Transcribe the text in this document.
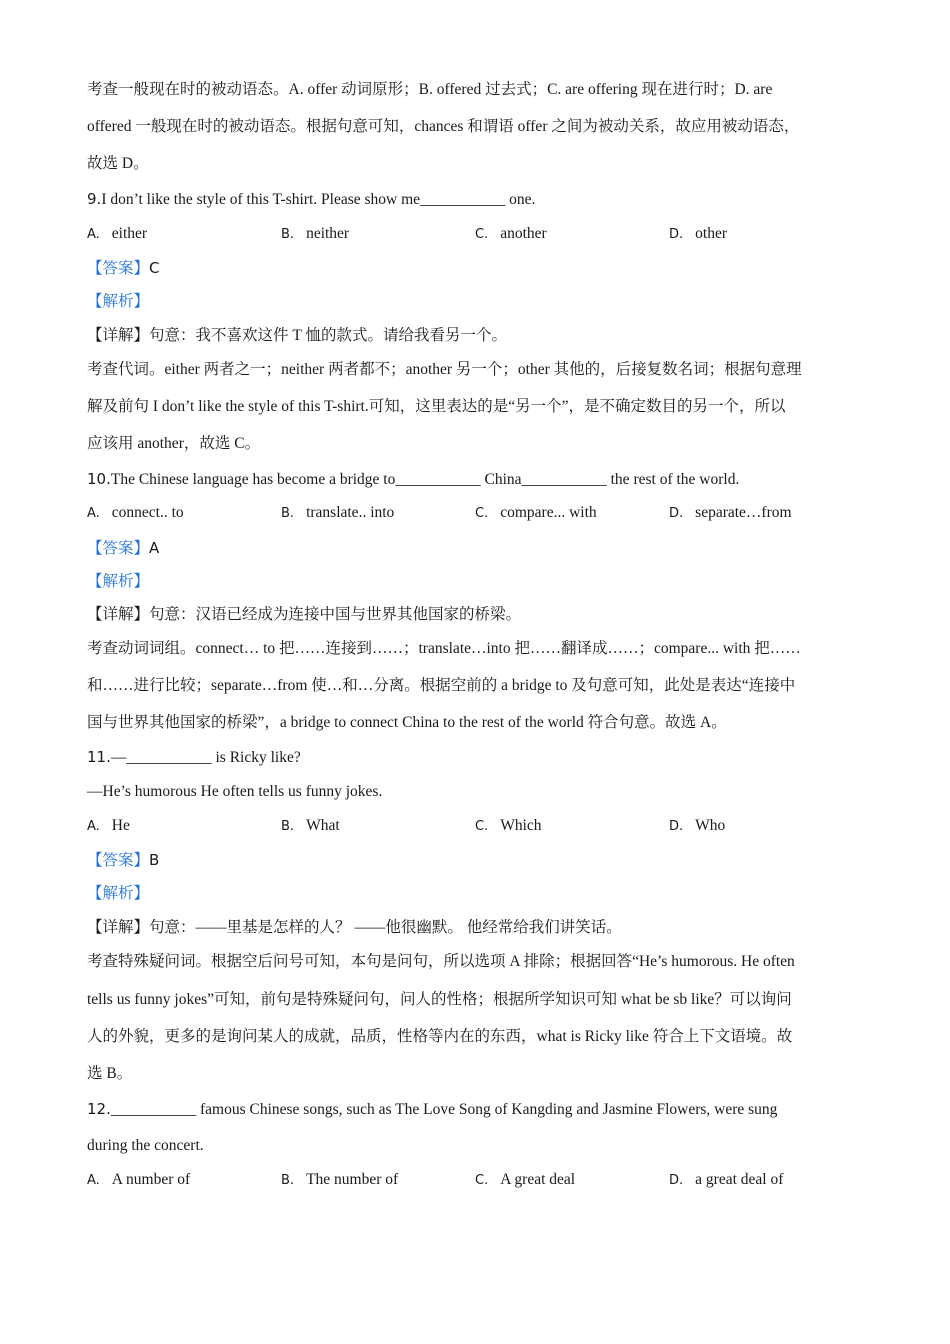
考查一般现在时的被动语态。A. offer 动词原形；B. offered 过去式；C. are offering 现在进行时；D. are
offered 一般现在时的被动语态。根据句意可知，chances 和谓语 offer 之间为被动关系，故应用被动语态，
故选 D。
9.I don’t like the style of this T-shirt. Please show me___________ one.
A. either	B. neither	C. another	D. other
【答案】C
【解析】
【详解】句意：我不喜欢这件 T 恤的款式。请给我看另一个。
考查代词。either 两者之一；neither 两者都不；another 另一个；other 其他的，后接复数名词；根据句意理
解及前句 I don’t like the style of this T-shirt.可知，这里表达的是“另一个”，是不确定数目的另一个，所以
应该用 another，故选 C。
10.The Chinese language has become a bridge to___________ China___________ the rest of the world.
A. connect.. to	B. translate.. into	C. compare... with	D. separate…from
【答案】A
【解析】
【详解】句意：汉语已经成为连接中国与世界其他国家的桥梁。
考查动词词组。connect… to 把……连接到……；translate…into 把……翻译成……；compare... with 把……
和……进行比较；separate…from 使…和…分离。根据空前的 a bridge to 及句意可知，此处是表达“连接中
国与世界其他国家的桥梁”，a bridge to connect China to the rest of the world 符合句意。故选 A。
11.—___________ is Ricky like?
—He’s humorous He often tells us funny jokes.
A. He	B. What	C. Which	D. Who
【答案】B
【解析】
【详解】句意：——里基是怎样的人？ ——他很幽默。 他经常给我们讲笑话。
考查特殊疑问词。根据空后问号可知，本句是问句，所以选项 A 排除；根据回答“He’s humorous. He often
tells us funny jokes”可知，前句是特殊疑问句，问人的性格；根据所学知识可知 what be sb like？可以询问
人的外貌，更多的是询问某人的成就，品质，性格等内在的东西，what is Ricky like 符合上下文语境。故
选 B。
12.___________ famous Chinese songs, such as The Love Song of Kangding and Jasmine Flowers, were sung
during the concert.
A. A number of	B. The number of	C. A great deal	D. a great deal of
